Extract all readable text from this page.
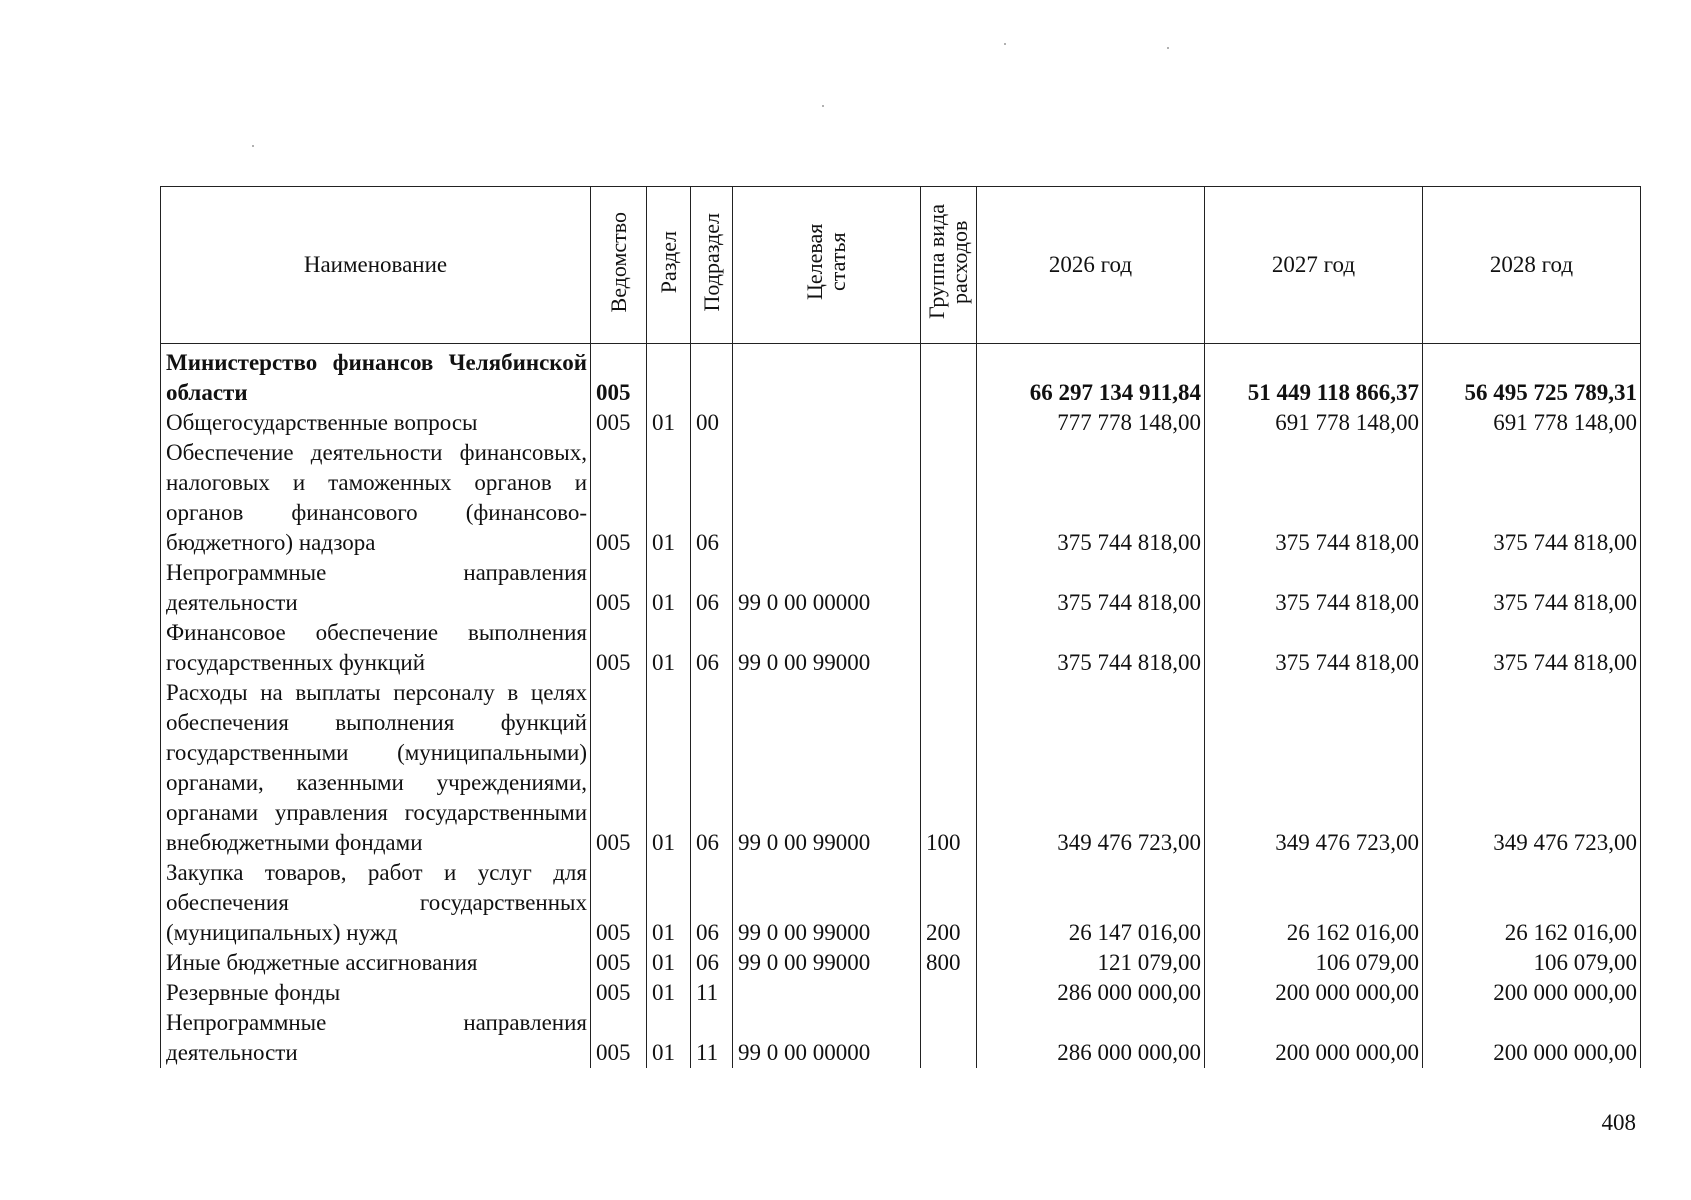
Наименование	Ведомство	Раздел	Подраздел	Целевая статья	Группа вида расходов	2026 год	2027 год	2028 год
Министерство финансов Челябинской области	005					66 297 134 911,84	51 449 118 866,37	56 495 725 789,31
Общегосударственные вопросы	005	01	00			777 778 148,00	691 778 148,00	691 778 148,00
Обеспечение деятельности финансовых, налоговых и таможенных органов и органов финансового (финансово-бюджетного) надзора	005	01	06			375 744 818,00	375 744 818,00	375 744 818,00
Непрограммные направления деятельности	005	01	06	99 0 00 00000		375 744 818,00	375 744 818,00	375 744 818,00
Финансовое обеспечение выполнения государственных функций	005	01	06	99 0 00 99000		375 744 818,00	375 744 818,00	375 744 818,00
Расходы на выплаты персоналу в целях обеспечения выполнения функций государственными (муниципальными) органами, казенными учреждениями, органами управления государственными внебюджетными фондами	005	01	06	99 0 00 99000	100	349 476 723,00	349 476 723,00	349 476 723,00
Закупка товаров, работ и услуг для обеспечения государственных (муниципальных) нужд	005	01	06	99 0 00 99000	200	26 147 016,00	26 162 016,00	26 162 016,00
Иные бюджетные ассигнования	005	01	06	99 0 00 99000	800	121 079,00	106 079,00	106 079,00
Резервные фонды	005	01	11			286 000 000,00	200 000 000,00	200 000 000,00
Непрограммные направления деятельности	005	01	11	99 0 00 00000		286 000 000,00	200 000 000,00	200 000 000,00
408
